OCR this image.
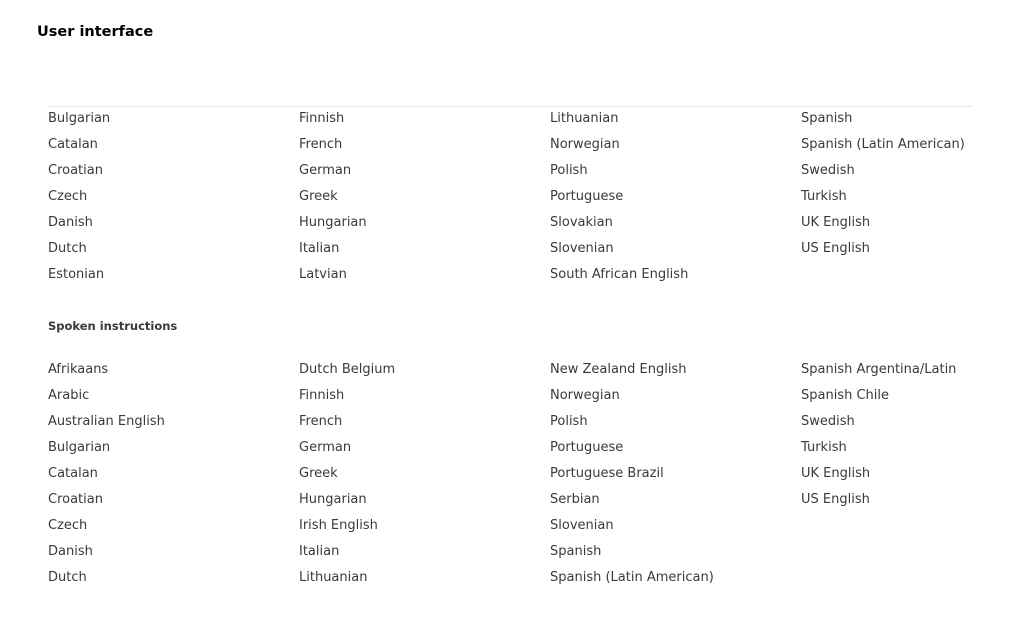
User interface
Bulgarian
Catalan
Croatian
Czech
Danish
Dutch
Estonian
Finnish
French
German
Greek
Hungarian
Italian
Latvian
Lithuanian
Norwegian
Polish
Portuguese
Slovakian
Slovenian
South African English
Spanish
Spanish (Latin American)
Swedish
Turkish
UK English
US English
Spoken instructions
Afrikaans
Arabic
Australian English
Bulgarian
Catalan
Croatian
Czech
Danish
Dutch
Dutch Belgium
Finnish
French
German
Greek
Hungarian
Irish English
Italian
Lithuanian
New Zealand English
Norwegian
Polish
Portuguese
Portuguese Brazil
Serbian
Slovenian
Spanish
Spanish (Latin American)
Spanish Argentina/Latin
Spanish Chile
Swedish
Turkish
UK English
US English
